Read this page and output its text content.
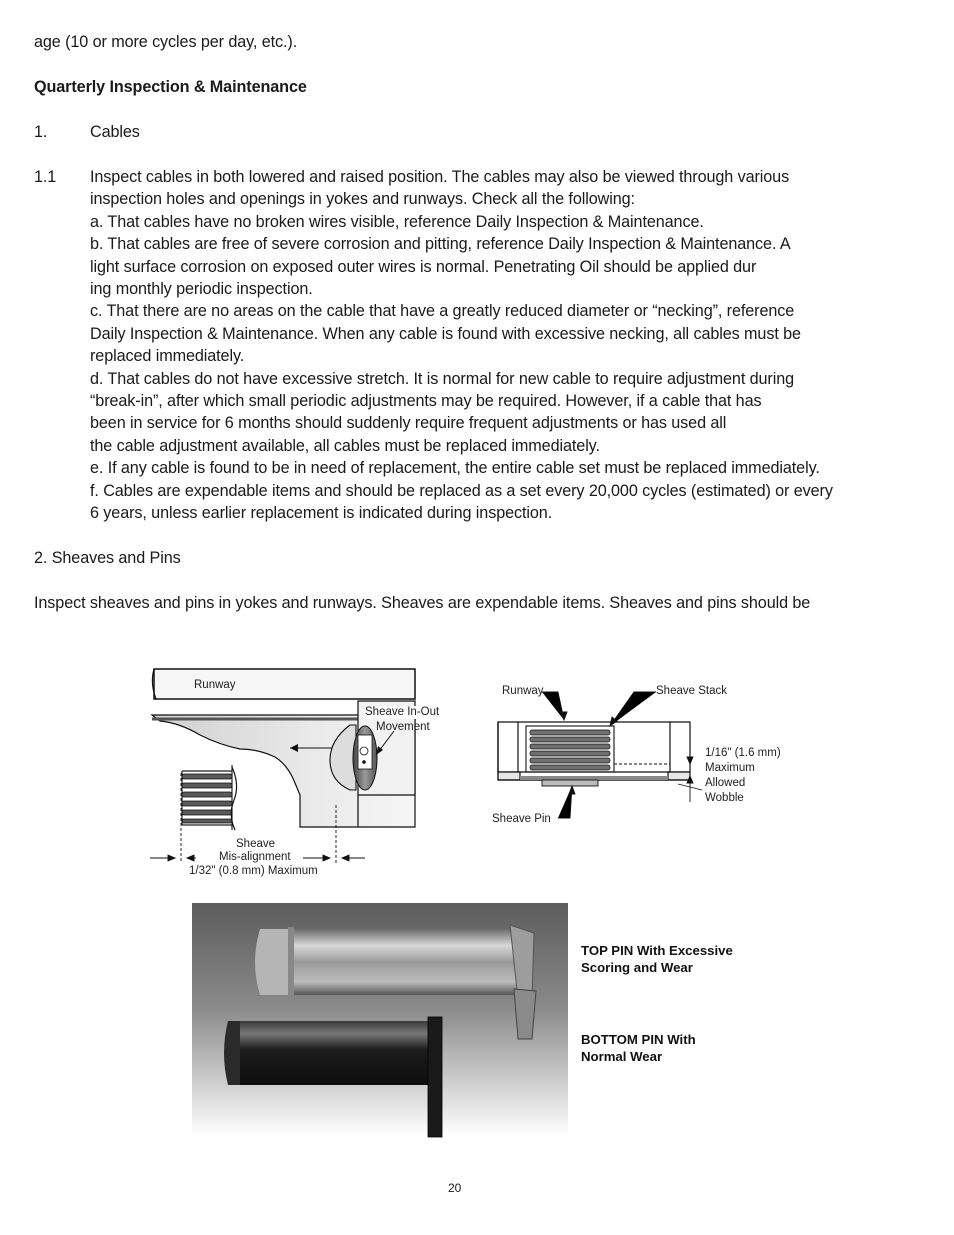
age (10 or more cycles per day, etc.).
Quarterly Inspection & Maintenance
1.	Cables
1.1 Inspect cables in both lowered and raised position. The cables may also be viewed through various
inspection holes and openings in yokes and runways. Check all the following:
a. That cables have no broken wires visible, reference Daily Inspection & Maintenance.
b. That cables are free of severe corrosion and pitting, reference Daily Inspection & Maintenance. A
light surface corrosion on exposed outer wires is normal. Penetrating Oil should be applied dur
ing monthly periodic inspection.
c. That there are no areas on the cable that have a greatly reduced diameter or “necking”, reference
Daily Inspection & Maintenance. When any cable is found with excessive necking, all cables must be
replaced immediately.
d. That cables do not have excessive stretch. It is normal for new cable to require adjustment during
“break-in”, after which small periodic adjustments may be required. However, if a cable that has
been in service for 6 months should suddenly require frequent adjustments or has used all
the cable adjustment available, all cables must be replaced immediately.
e. If any cable is found to be in need of replacement, the entire cable set must be replaced immediately.
f. Cables are expendable items and should be replaced as a set every 20,000 cycles (estimated) or every
6 years, unless earlier replacement is indicated during inspection.
2. Sheaves and Pins
Inspect sheaves and pins in yokes and runways. Sheaves are expendable items. Sheaves and pins should be
Runway
Sheave In-Out
Movement
Sheave
Mis-alignment
1/32" (0.8 mm) Maximum
Runway	Sheave Stack
Sheave Pin
1/16" (1.6 mm)
Maximum
Allowed
Wobble
TOP PIN With Excessive
Scoring and Wear
BOTTOM PIN With
Normal Wear
20
